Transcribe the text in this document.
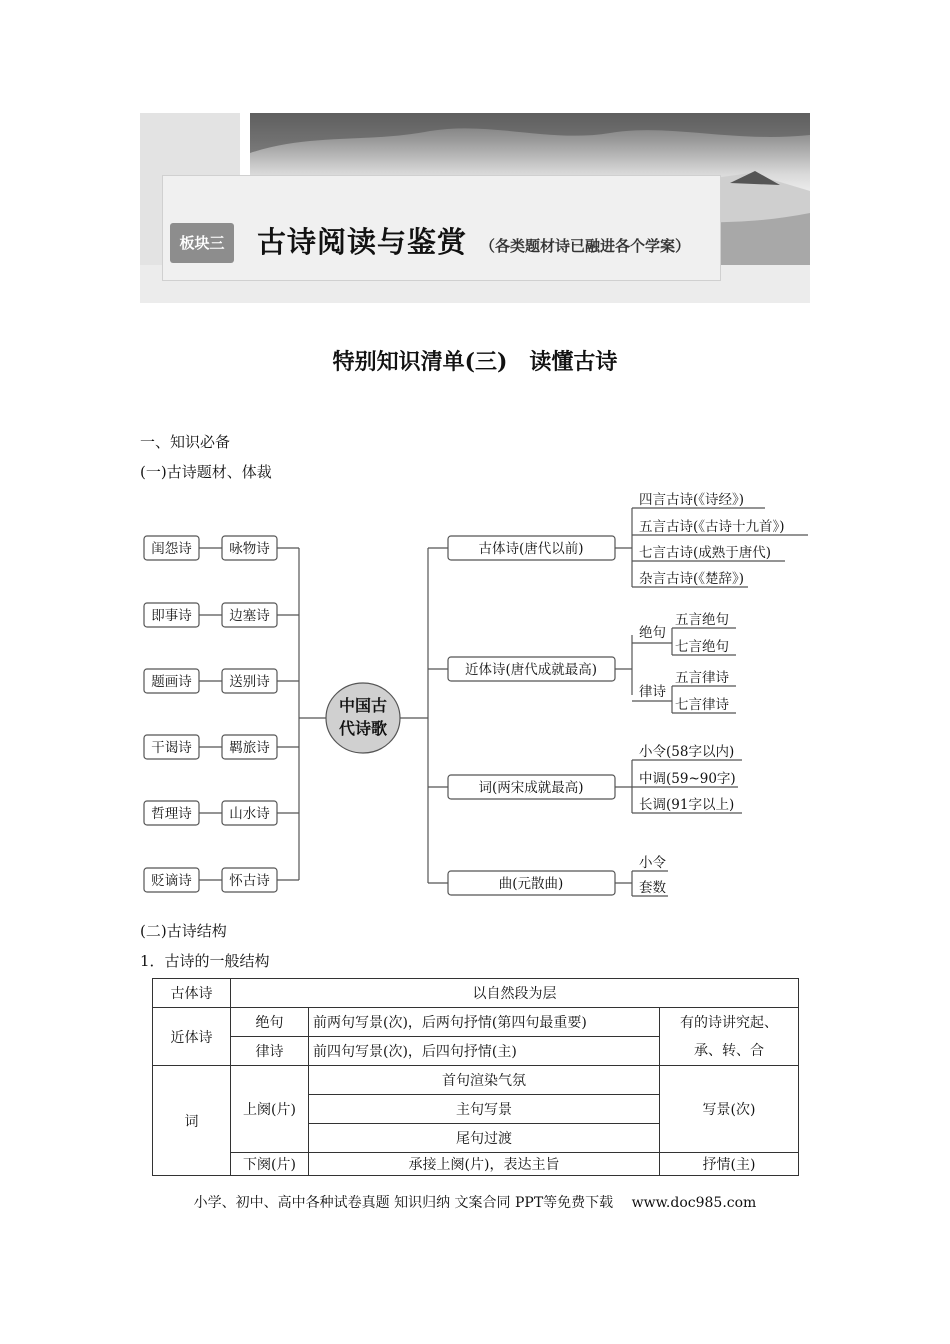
板块三	古诗阅读与鉴赏 （各类题材诗已融进各个学案）
特别知识清单(三)　读懂古诗
一、知识必备
(一)古诗题材、体裁
闺怨诗	咏物诗
即事诗	边塞诗
题画诗	送别诗
干谒诗	羁旅诗
哲理诗	山水诗
贬谪诗	怀古诗
中国古
代诗歌
古体诗(唐代以前)
近体诗(唐代成就最高)
词(两宋成就最高)
曲(元散曲)
四言古诗(《诗经》)
五言古诗(《古诗十九首》)
七言古诗(成熟于唐代)
杂言古诗(《楚辞》)
绝句
五言绝句
七言绝句
律诗
五言律诗
七言律诗
小令(58字以内)
中调(59~90字)
长调(91字以上)
小令
套数
(二)古诗结构
1．古诗的一般结构
古体诗	以自然段为层		
近体诗	绝句	前两句写景(次)，后两句抒情(第四句最重要)	有的诗讲究起、
承、转、合

	律诗	前四句写景(次)，后四句抒情(主)	
词	上阕(片)	首句渲染气氛	写景(次)
		主句写景	
		尾句过渡	
	下阕(片)	承接上阕(片)，表达主旨	抒情(主)
小学、初中、高中各种试卷真题 知识归纳 文案合同 PPT等免费下载　 www.doc985.com
